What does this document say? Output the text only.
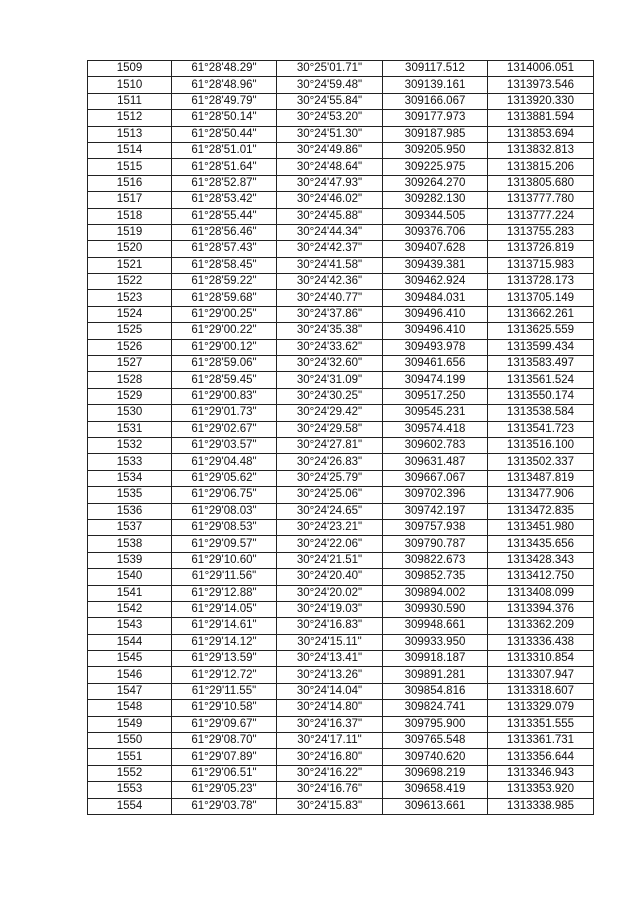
1509	61°28'48.29"	30°25'01.71"	309117.512	1314006.051
1510	61°28'48.96"	30°24'59.48"	309139.161	1313973.546
1511	61°28'49.79"	30°24'55.84"	309166.067	1313920.330
1512	61°28'50.14"	30°24'53.20"	309177.973	1313881.594
1513	61°28'50.44"	30°24'51.30"	309187.985	1313853.694
1514	61°28'51.01"	30°24'49.86"	309205.950	1313832.813
1515	61°28'51.64"	30°24'48.64"	309225.975	1313815.206
1516	61°28'52.87"	30°24'47.93"	309264.270	1313805.680
1517	61°28'53.42"	30°24'46.02"	309282.130	1313777.780
1518	61°28'55.44"	30°24'45.88"	309344.505	1313777.224
1519	61°28'56.46"	30°24'44.34"	309376.706	1313755.283
1520	61°28'57.43"	30°24'42.37"	309407.628	1313726.819
1521	61°28'58.45"	30°24'41.58"	309439.381	1313715.983
1522	61°28'59.22"	30°24'42.36"	309462.924	1313728.173
1523	61°28'59.68"	30°24'40.77"	309484.031	1313705.149
1524	61°29'00.25"	30°24'37.86"	309496.410	1313662.261
1525	61°29'00.22"	30°24'35.38"	309496.410	1313625.559
1526	61°29'00.12"	30°24'33.62"	309493.978	1313599.434
1527	61°28'59.06"	30°24'32.60"	309461.656	1313583.497
1528	61°28'59.45"	30°24'31.09"	309474.199	1313561.524
1529	61°29'00.83"	30°24'30.25"	309517.250	1313550.174
1530	61°29'01.73"	30°24'29.42"	309545.231	1313538.584
1531	61°29'02.67"	30°24'29.58"	309574.418	1313541.723
1532	61°29'03.57"	30°24'27.81"	309602.783	1313516.100
1533	61°29'04.48"	30°24'26.83"	309631.487	1313502.337
1534	61°29'05.62"	30°24'25.79"	309667.067	1313487.819
1535	61°29'06.75"	30°24'25.06"	309702.396	1313477.906
1536	61°29'08.03"	30°24'24.65"	309742.197	1313472.835
1537	61°29'08.53"	30°24'23.21"	309757.938	1313451.980
1538	61°29'09.57"	30°24'22.06"	309790.787	1313435.656
1539	61°29'10.60"	30°24'21.51"	309822.673	1313428.343
1540	61°29'11.56"	30°24'20.40"	309852.735	1313412.750
1541	61°29'12.88"	30°24'20.02"	309894.002	1313408.099
1542	61°29'14.05"	30°24'19.03"	309930.590	1313394.376
1543	61°29'14.61"	30°24'16.83"	309948.661	1313362.209
1544	61°29'14.12"	30°24'15.11"	309933.950	1313336.438
1545	61°29'13.59"	30°24'13.41"	309918.187	1313310.854
1546	61°29'12.72"	30°24'13.26"	309891.281	1313307.947
1547	61°29'11.55"	30°24'14.04"	309854.816	1313318.607
1548	61°29'10.58"	30°24'14.80"	309824.741	1313329.079
1549	61°29'09.67"	30°24'16.37"	309795.900	1313351.555
1550	61°29'08.70"	30°24'17.11"	309765.548	1313361.731
1551	61°29'07.89"	30°24'16.80"	309740.620	1313356.644
1552	61°29'06.51"	30°24'16.22"	309698.219	1313346.943
1553	61°29'05.23"	30°24'16.76"	309658.419	1313353.920
1554	61°29'03.78"	30°24'15.83"	309613.661	1313338.985
